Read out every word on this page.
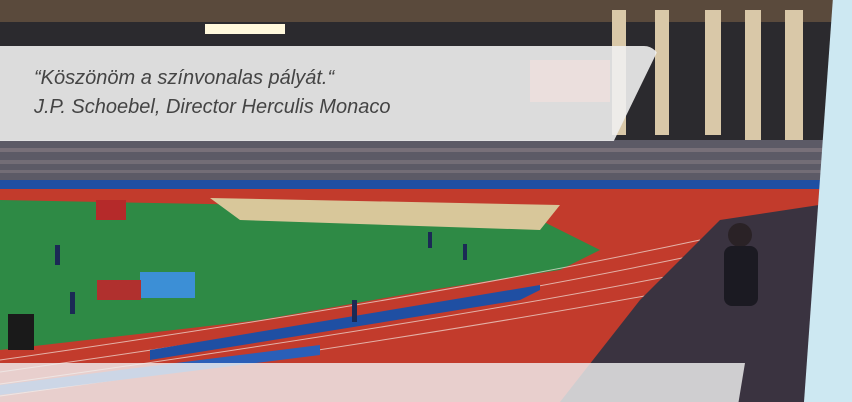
“Köszönöm a színvonalas pályát.“
J.P. Schoebel, Director Herculis Monaco
